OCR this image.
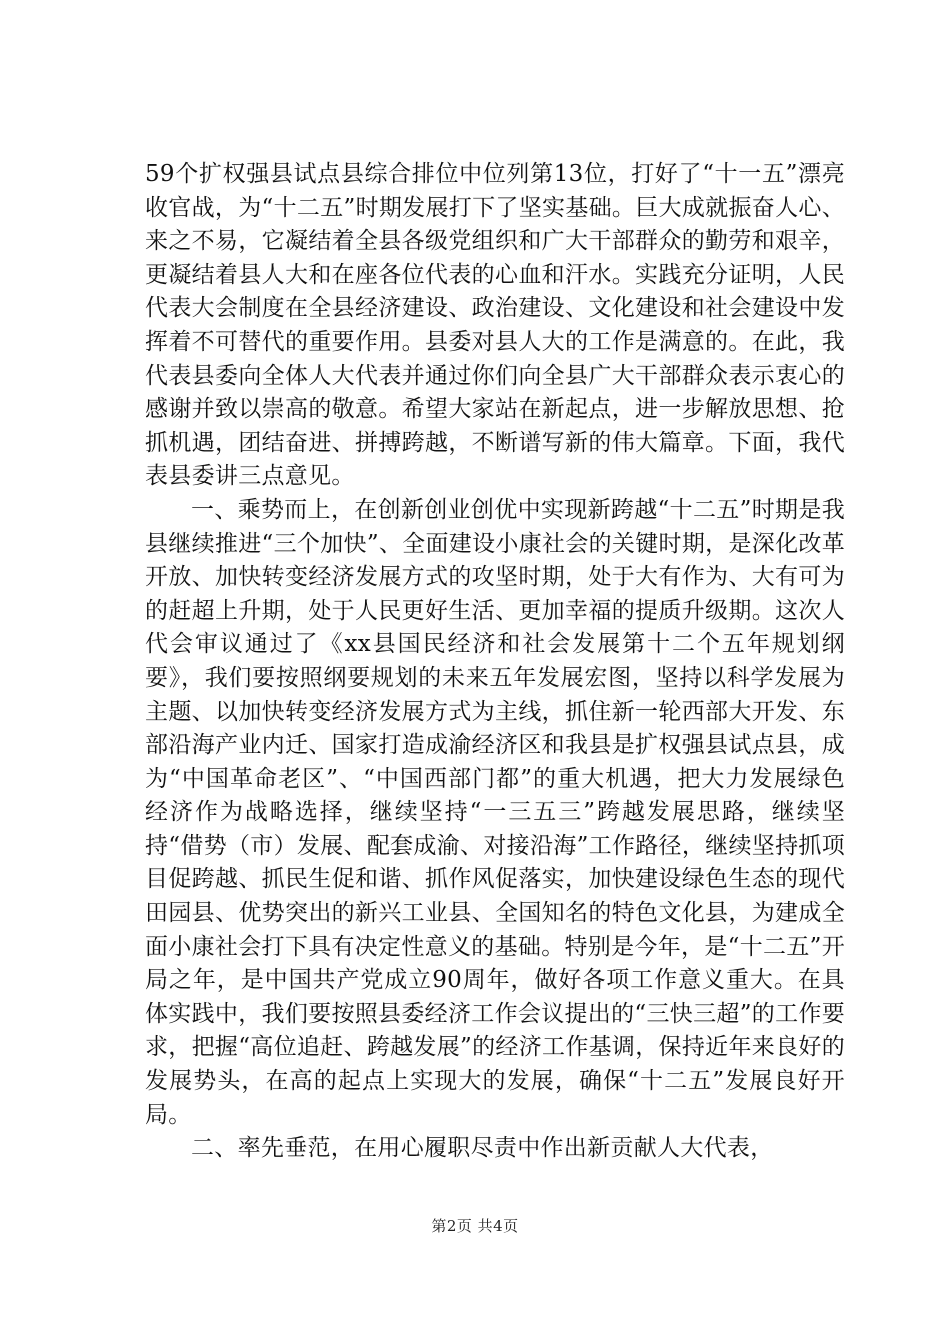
59个扩权强县试点县综合排位中位列第13位，打好了“十一五”漂亮收官战，为“十二五”时期发展打下了坚实基础。巨大成就振奋人心、来之不易，它凝结着全县各级党组织和广大干部群众的勤劳和艰辛，更凝结着县人大和在座各位代表的心血和汗水。实践充分证明，人民代表大会制度在全县经济建设、政治建设、文化建设和社会建设中发挥着不可替代的重要作用。县委对县人大的工作是满意的。在此，我代表县委向全体人大代表并通过你们向全县广大干部群众表示衷心的感谢并致以崇高的敬意。希望大家站在新起点，进一步解放思想、抢抓机遇，团结奋进、拼搏跨越，不断谱写新的伟大篇章。下面，我代表县委讲三点意见。

一、乘势而上，在创新创业创优中实现新跨越“十二五”时期是我县继续推进“三个加快”、全面建设小康社会的关键时期，是深化改革开放、加快转变经济发展方式的攻坚时期，处于大有作为、大有可为的赶超上升期，处于人民更好生活、更加幸福的提质升级期。这次人代会审议通过了《xx县国民经济和社会发展第十二个五年规划纲要》，我们要按照纲要规划的未来五年发展宏图，坚持以科学发展为主题、以加快转变经济发展方式为主线，抓住新一轮西部大开发、东部沿海产业内迁、国家打造成渝经济区和我县是扩权强县试点县，成为“中国革命老区”、“中国西部门都”的重大机遇，把大力发展绿色经济作为战略选择，继续坚持“一三五三”跨越发展思路，继续坚持“借势（市）发展、配套成渝、对接沿海”工作路径，继续坚持抓项目促跨越、抓民生促和谐、抓作风促落实，加快建设绿色生态的现代田园县、优势突出的新兴工业县、全国知名的特色文化县，为建成全面小康社会打下具有决定性意义的基础。特别是今年，是“十二五”开局之年，是中国共产党成立90周年，做好各项工作意义重大。在具体实践中，我们要按照县委经济工作会议提出的“三快三超”的工作要求，把握“高位追赶、跨越发展”的经济工作基调，保持近年来良好的发展势头，在高的起点上实现大的发展，确保“十二五”发展良好开局。

二、率先垂范，在用心履职尽责中作出新贡献人大代表，

第2页 共4页
